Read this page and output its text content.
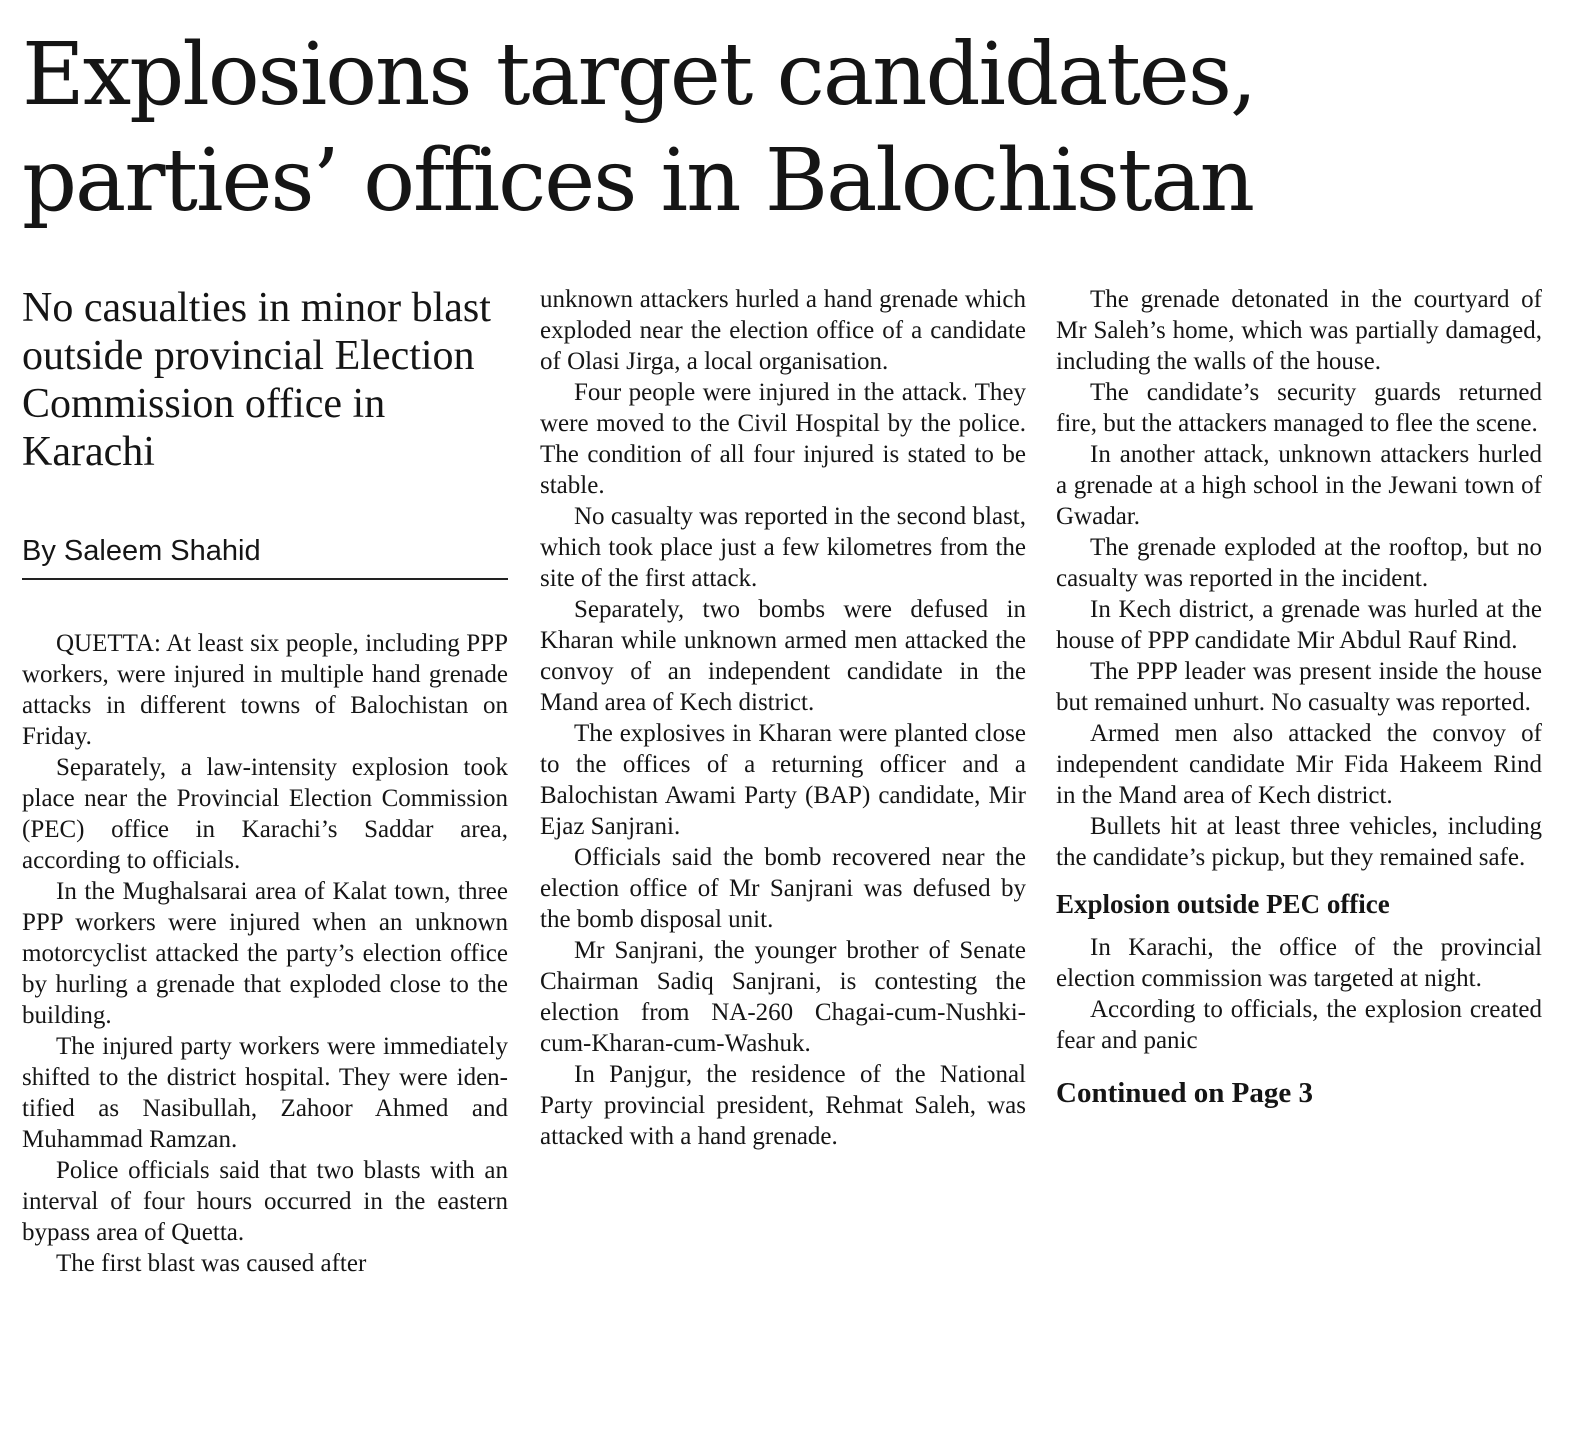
Explosions target candidates,
parties’ offices in Balochistan
No casualties in minor blast outside provincial Election Commission office in Karachi
By Saleem Shahid

QUETTA: At least six people, including PPP workers, were injured in multiple hand grenade attacks in different towns of Balochistan on Friday.

Separately, a law-intensity explosion took place near the Provincial Election Commission (PEC) office in Karachi’s Saddar area, according to officials.

In the Mughalsarai area of Kalat town, three PPP workers were injured when an unknown motorcyclist attacked the party’s election office by hurling a grenade that exploded close to the building.

The injured party workers were immediately shifted to the district hospital. They were identified as Nasibullah, Zahoor Ahmed and Muhammad Ramzan.

Police officials said that two blasts with an interval of four hours occurred in the eastern bypass area of Quetta.

The first blast was caused after

unknown attackers hurled a hand grenade which exploded near the election office of a candidate of Olasi Jirga, a local organisation.

Four people were injured in the attack. They were moved to the Civil Hospital by the police. The condition of all four injured is stated to be stable.

No casualty was reported in the second blast, which took place just a few kilometres from the site of the first attack.

Separately, two bombs were defused in Kharan while unknown armed men attacked the convoy of an independent candidate in the Mand area of Kech district.

The explosives in Kharan were planted close to the offices of a returning officer and a Balochistan Awami Party (BAP) candidate, Mir Ejaz Sanjrani.

Officials said the bomb recovered near the election office of Mr Sanjrani was defused by the bomb disposal unit.

Mr Sanjrani, the younger brother of Senate Chairman Sadiq Sanjrani, is contesting the election from NA-260 Chagai-cum-Nushki-cum-Kharan-cum-Washuk.

In Panjgur, the residence of the National Party provincial president, Rehmat Saleh, was attacked with a hand grenade.

The grenade detonated in the courtyard of Mr Saleh’s home, which was partially damaged, including the walls of the house.

The candidate’s security guards returned fire, but the attackers managed to flee the scene.

In another attack, unknown attackers hurled a grenade at a high school in the Jewani town of Gwadar.

The grenade exploded at the rooftop, but no casualty was reported in the incident.

In Kech district, a grenade was hurled at the house of PPP candidate Mir Abdul Rauf Rind.

The PPP leader was present inside the house but remained unhurt. No casualty was reported.

Armed men also attacked the convoy of independent candidate Mir Fida Hakeem Rind in the Mand area of Kech district.

Bullets hit at least three vehicles, including the candidate’s pickup, but they remained safe.

Explosion outside PEC office

In Karachi, the office of the provincial election commission was targeted at night.

According to officials, the explosion created fear and panic

Continued on Page 3
